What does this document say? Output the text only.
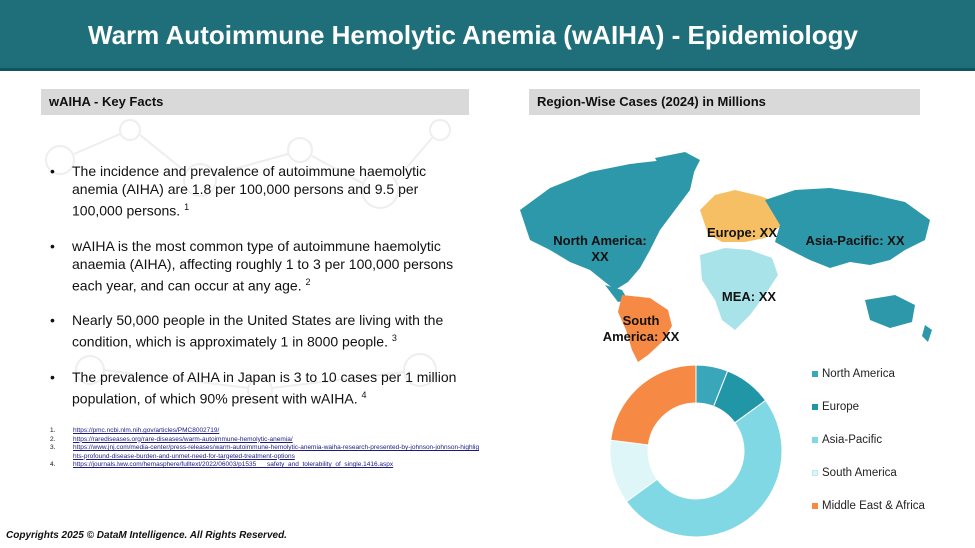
Warm Autoimmune Hemolytic Anemia (wAIHA) - Epidemiology
wAIHA - Key Facts
• The incidence and prevalence of autoimmune haemolytic anemia (AIHA) are 1.8 per 100,000 persons and 9.5 per 100,000 persons. $^1$
• wAIHA is the most common type of autoimmune haemolytic anaemia (AIHA), affecting roughly 1 to 3 per 100,000 persons each year, and can occur at any age. $^2$
• Nearly 50,000 people in the United States are living with the condition, which is approximately 1 in 8000 people. $^3$
• The prevalence of AIHA in Japan is 3 to 10 cases per 1 million population, of which 90% present with wAIHA. $^4$
1.	https://pmc.ncbi.nlm.nih.gov/articles/PMC8002719/
2.	https://rarediseases.org/rare-diseases/warm-autoimmune-hemolytic-anemia/
3.	https://www.jnj.com/media-center/press-releases/warm-autoimmune-hemolytic-anemia-waiha-research-presented-by-johnson-johnson-highlights-profound-disease-burden-and-unmet-need-for-targeted-treatment-options
4.	https://journals.lww.com/hemasphere/fulltext/2022/06003/p1535___safety_and_tolerability_of_single.1416.aspx
Region-Wise Cases (2024) in Millions
North America: XX
Europe: XX
Asia-Pacific: XX
MEA: XX
South America: XX
North America
Europe
Asia-Pacific
South America
Middle East & Africa
Copyrights 2025 © DataM Intelligence. All Rights Reserved.
